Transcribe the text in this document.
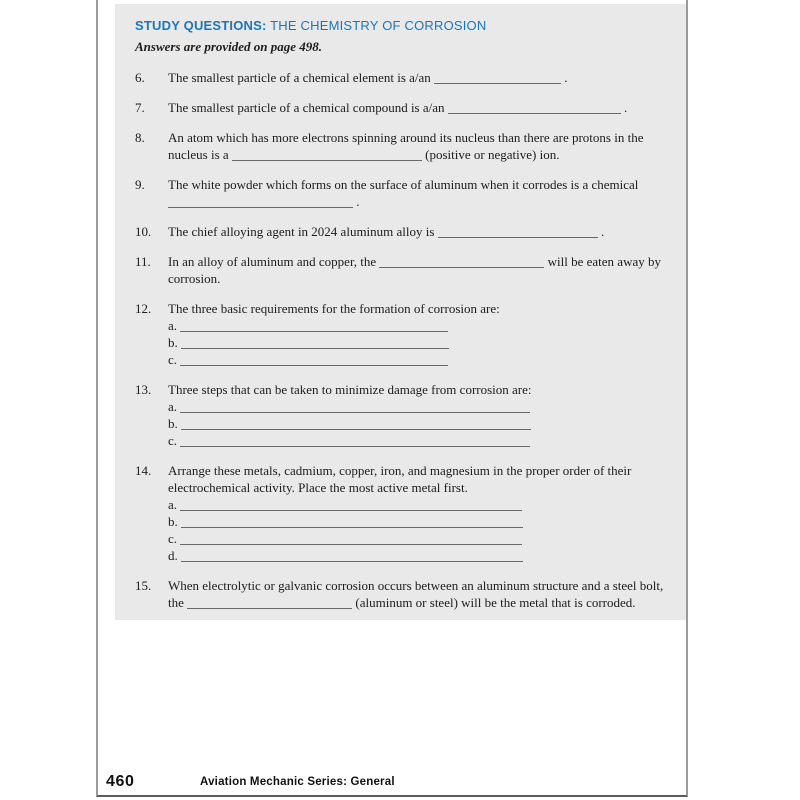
STUDY QUESTIONS: THE CHEMISTRY OF CORROSION
Answers are provided on page 498.
6.	The smallest particle of a chemical element is a/an	.
7.	The smallest particle of a chemical compound is a/an	.
8.	An atom which has more electrons spinning around its nucleus than there are protons in the
nucleus is a	(positive or negative) ion.
9.	The white powder which forms on the surface of aluminum when it corrodes is a chemical
.
10.	The chief alloying agent in 2024 aluminum alloy is	.
11.	In an alloy of aluminum and copper, the	will be eaten away by
corrosion.
12.	The three basic requirements for the formation of corrosion are:
a.
b.
c.
13.	Three steps that can be taken to minimize damage from corrosion are:
a.
b.
c.
14.	Arrange these metals, cadmium, copper, iron, and magnesium in the proper order of their
electrochemical activity. Place the most active metal first.
a.
b.
c.
d.
15.	When electrolytic or galvanic corrosion occurs between an aluminum structure and a steel bolt,
the	(aluminum or steel) will be the metal that is corroded.
460	Aviation Mechanic Series: General
